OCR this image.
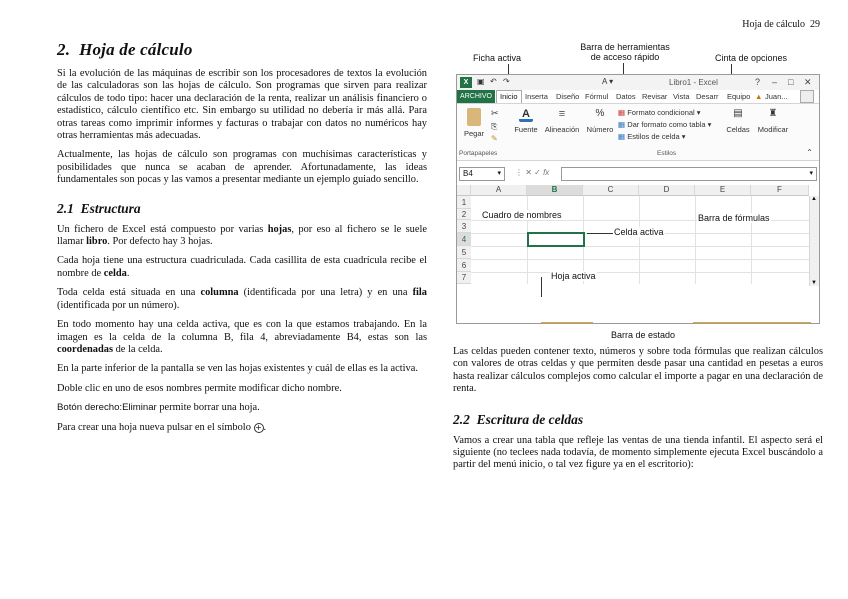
Hoja de cálculo 29
2. Hoja de cálculo

Si la evolución de las máquinas de escribir son los procesadores de textos la evolución de las calculadoras son las hojas de cálculo. Son programas que sirven para realizar cálculos de todo tipo: hacer una declaración de la renta, realizar un análisis financiero o estadístico, cálculo científico etc. Sin embargo su utilidad no debería ir más allá. Para otras tareas como imprimir informes y facturas o trabajar con datos no numéricos hay otras herramientas más adecuadas.

Actualmente, las hojas de cálculo son programas con muchísimas características y posibilidades que nunca se acaban de aprender. Afortunadamente, las ideas fundamentales son pocas y las vamos a presentar mediante un ejemplo guiado sencillo.

2.1 Estructura

Un fichero de Excel está compuesto por varias hojas, por eso al fichero se le suele llamar libro. Por defecto hay 3 hojas.

Cada hoja tiene una estructura cuadriculada. Cada casillita de esta cuadrícula recibe el nombre de celda.

Toda celda está situada en una columna (identificada por una letra) y en una fila (identificada por un número).

En todo momento hay una celda activa, que es con la que estamos trabajando. En la imagen es la celda de la columna B, fila 4, abreviadamente B4, estas son las coordenadas de la celda.

En la parte inferior de la pantalla se ven las hojas existentes y cuál de ellas es la activa.

Doble clic en uno de esos nombres permite modificar dicho nombre.

Botón derecho:Eliminar permite borrar una hoja.

Para crear una hoja nueva pulsar en el símbolo + .

Ficha activa
Barra de herramientas
de acceso rápido	Cinta de opciones
X	▣ ↶ ↷	A ▾	Libro1 - Excel	? – □ ✕
ARCHIVO	Inicio Inserta Diseño Fórmul Datos Revisar Vista Desarr Equipo ▲ Juan...
Pegar
✂
⎘
✎
A
Fuente
≡
Alineación
%
Número
▦ Formato condicional ▾
▦ Dar formato como tabla ▾
▦ Estilos de celda ▾
▤
Celdas
♜
Modificar
Portapapeles	Estilos	⌃
B4	▾ ⋮ ✕ ✓ fx	▾
A	B	C	D	E	F
1
2
3
4
5
6
7
Cuadro de nombres	Barra de fórmulas
Celda activa
Hoja activa
▲
▼
Barra de estado

Las celdas pueden contener texto, números y sobre toda fórmulas que realizan cálculos con valores de otras celdas y que permiten desde pasar una cantidad en pesetas a euros hasta realizar cálculos complejos como calcular el importe a pagar en una declaración de renta.

2.2 Escritura de celdas

Vamos a crear una tabla que refleje las ventas de una tienda infantil. El aspecto será el siguiente (no teclees nada todavía, de momento simplemente ejecuta Excel buscándolo a partir del menú inicio, o tal vez figure ya en el escritorio):
